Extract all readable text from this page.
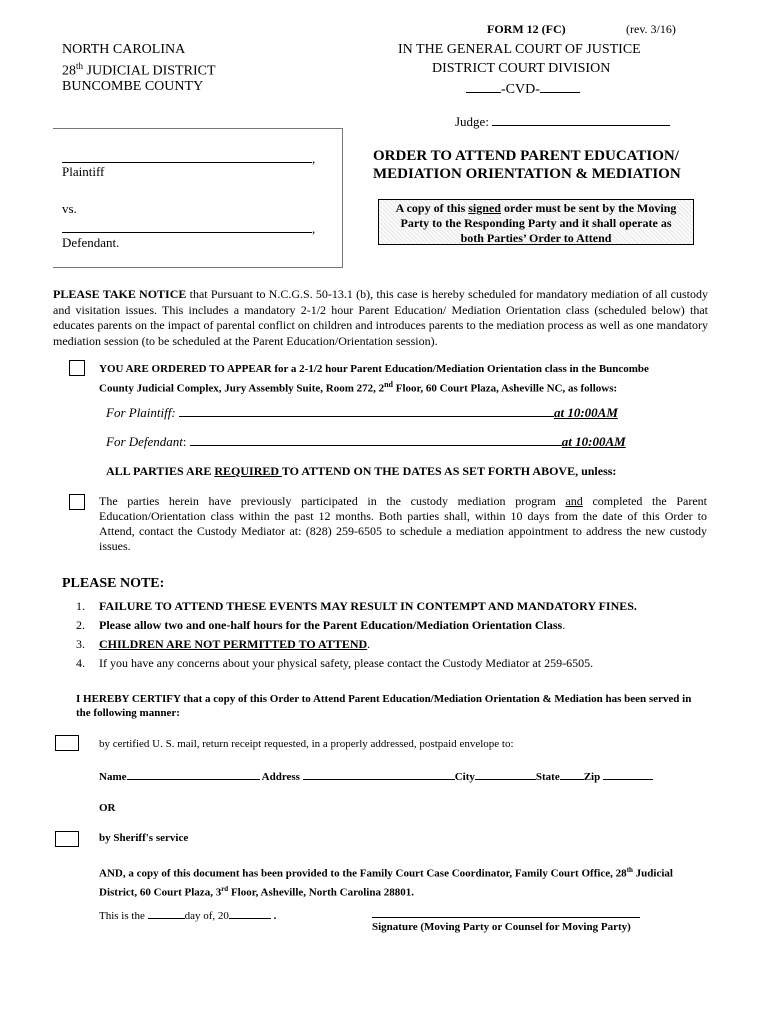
FORM 12 (FC)	(rev. 3/16)
NORTH CAROLINA
28th JUDICIAL DISTRICT
BUNCOMBE COUNTY
IN THE GENERAL COURT OF JUSTICE
DISTRICT COURT DIVISION
-CVD-
Judge:
,
Plaintiff
vs.
,
Defendant.
ORDER TO ATTEND PARENT EDUCATION/
MEDIATION ORIENTATION & MEDIATION
A copy of this signed order must be sent by the Moving
Party to the Responding Party and it shall operate as
both Parties’ Order to Attend
PLEASE TAKE NOTICE that Pursuant to N.C.G.S. 50-13.1 (b), this case is hereby scheduled for mandatory mediation of all custody and visitation issues. This includes a mandatory 2-1/2 hour Parent Education/ Mediation Orientation class (scheduled below) that educates parents on the impact of parental conflict on children and introduces parents to the mediation process as well as one mandatory mediation session (to be scheduled at the Parent Education/Orientation session).
YOU ARE ORDERED TO APPEAR for a 2-1/2 hour Parent Education/Mediation Orientation class in the Buncombe
County Judicial Complex, Jury Assembly Suite, Room 272, 2nd Floor, 60 Court Plaza, Asheville NC, as follows:
For Plaintiff:	at 10:00AM
For Defendant:	at 10:00AM
ALL PARTIES ARE REQUIRED TO ATTEND ON THE DATES AS SET FORTH ABOVE, unless:
The parties herein have previously participated in the custody mediation program and completed the Parent Education/Orientation class within the past 12 months. Both parties shall, within 10 days from the date of this Order to Attend, contact the Custody Mediator at: (828) 259-6505 to schedule a mediation appointment to address the new custody issues.
PLEASE NOTE:
1. FAILURE TO ATTEND THESE EVENTS MAY RESULT IN CONTEMPT AND MANDATORY FINES.
2. Please allow two and one-half hours for the Parent Education/Mediation Orientation Class.
3. CHILDREN ARE NOT PERMITTED TO ATTEND.
4. If you have any concerns about your physical safety, please contact the Custody Mediator at 259-6505.
I HEREBY CERTIFY that a copy of this Order to Attend Parent Education/Mediation Orientation & Mediation has been served in the following manner:
by certified U. S. mail, return receipt requested, in a properly addressed, postpaid envelope to:
Name	Address	City	State Zip
OR
by Sheriff's service
AND, a copy of this document has been provided to the Family Court Case Coordinator, Family Court Office, 28th Judicial
District, 60 Court Plaza, 3rd Floor, Asheville, North Carolina 28801.
This is the	day of, 20	.
Signature (Moving Party or Counsel for Moving Party)
